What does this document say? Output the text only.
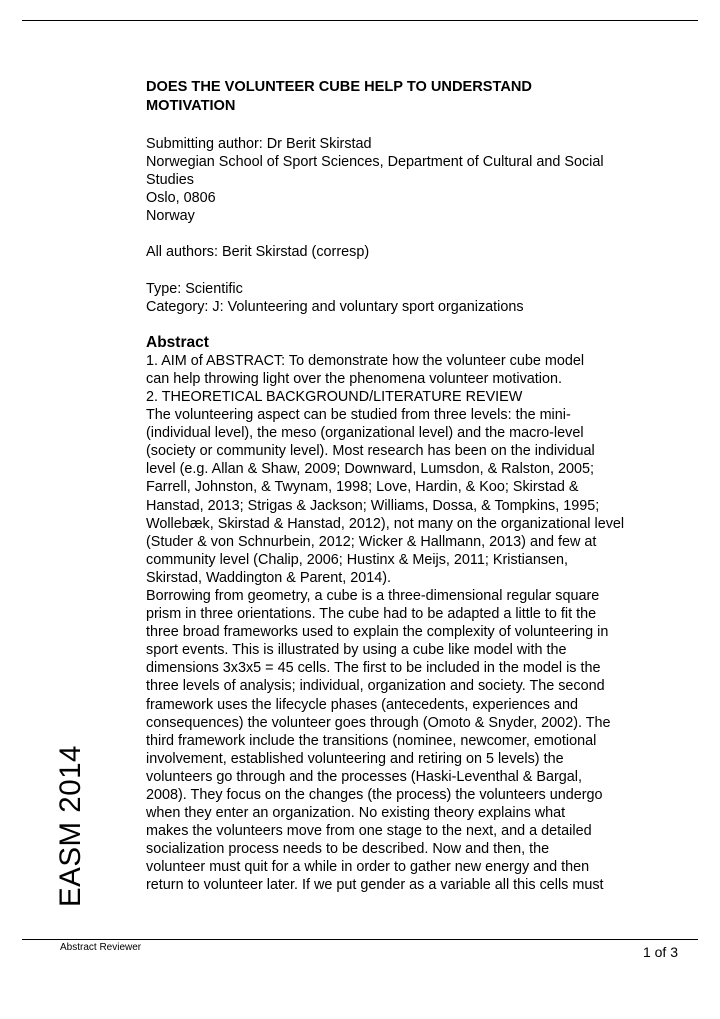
DOES THE VOLUNTEER CUBE HELP TO UNDERSTAND
MOTIVATION
Submitting author: Dr Berit Skirstad
Norwegian School of Sport Sciences, Department of Cultural and Social
Studies
Oslo, 0806
Norway
All authors: Berit Skirstad (corresp)
Type: Scientific
Category: J: Volunteering and voluntary sport organizations
Abstract
1. AIM of ABSTRACT: To demonstrate how the volunteer cube model
can help throwing light over the phenomena volunteer motivation.
2. THEORETICAL BACKGROUND/LITERATURE REVIEW
The volunteering aspect can be studied from three levels: the mini-
(individual level), the meso (organizational level) and the macro-level
(society or community level). Most research has been on the individual
level (e.g. Allan & Shaw, 2009; Downward, Lumsdon, & Ralston, 2005;
Farrell, Johnston, & Twynam, 1998; Love, Hardin, & Koo; Skirstad &
Hanstad, 2013; Strigas & Jackson; Williams, Dossa, & Tompkins, 1995;
Wollebæk, Skirstad & Hanstad, 2012), not many on the organizational level
(Studer & von Schnurbein, 2012; Wicker & Hallmann, 2013) and few at
community level (Chalip, 2006; Hustinx & Meijs, 2011; Kristiansen,
Skirstad, Waddington & Parent, 2014).
Borrowing from geometry, a cube is a three-dimensional regular square
prism in three orientations. The cube had to be adapted a little to fit the
three broad frameworks used to explain the complexity of volunteering in
sport events. This is illustrated by using a cube like model with the
dimensions 3x3x5 = 45 cells. The first to be included in the model is the
three levels of analysis; individual, organization and society. The second
framework uses the lifecycle phases (antecedents, experiences and
consequences) the volunteer goes through (Omoto & Snyder, 2002). The
third framework include the transitions (nominee, newcomer, emotional
involvement, established volunteering and retiring on 5 levels) the
volunteers go through and the processes (Haski-Leventhal & Bargal,
2008). They focus on the changes (the process) the volunteers undergo
when they enter an organization. No existing theory explains what
makes the volunteers move from one stage to the next, and a detailed
socialization process needs to be described. Now and then, the
volunteer must quit for a while in order to gather new energy and then
return to volunteer later. If we put gender as a variable all this cells must
EASM 2014
Abstract Reviewer	1 of 3
